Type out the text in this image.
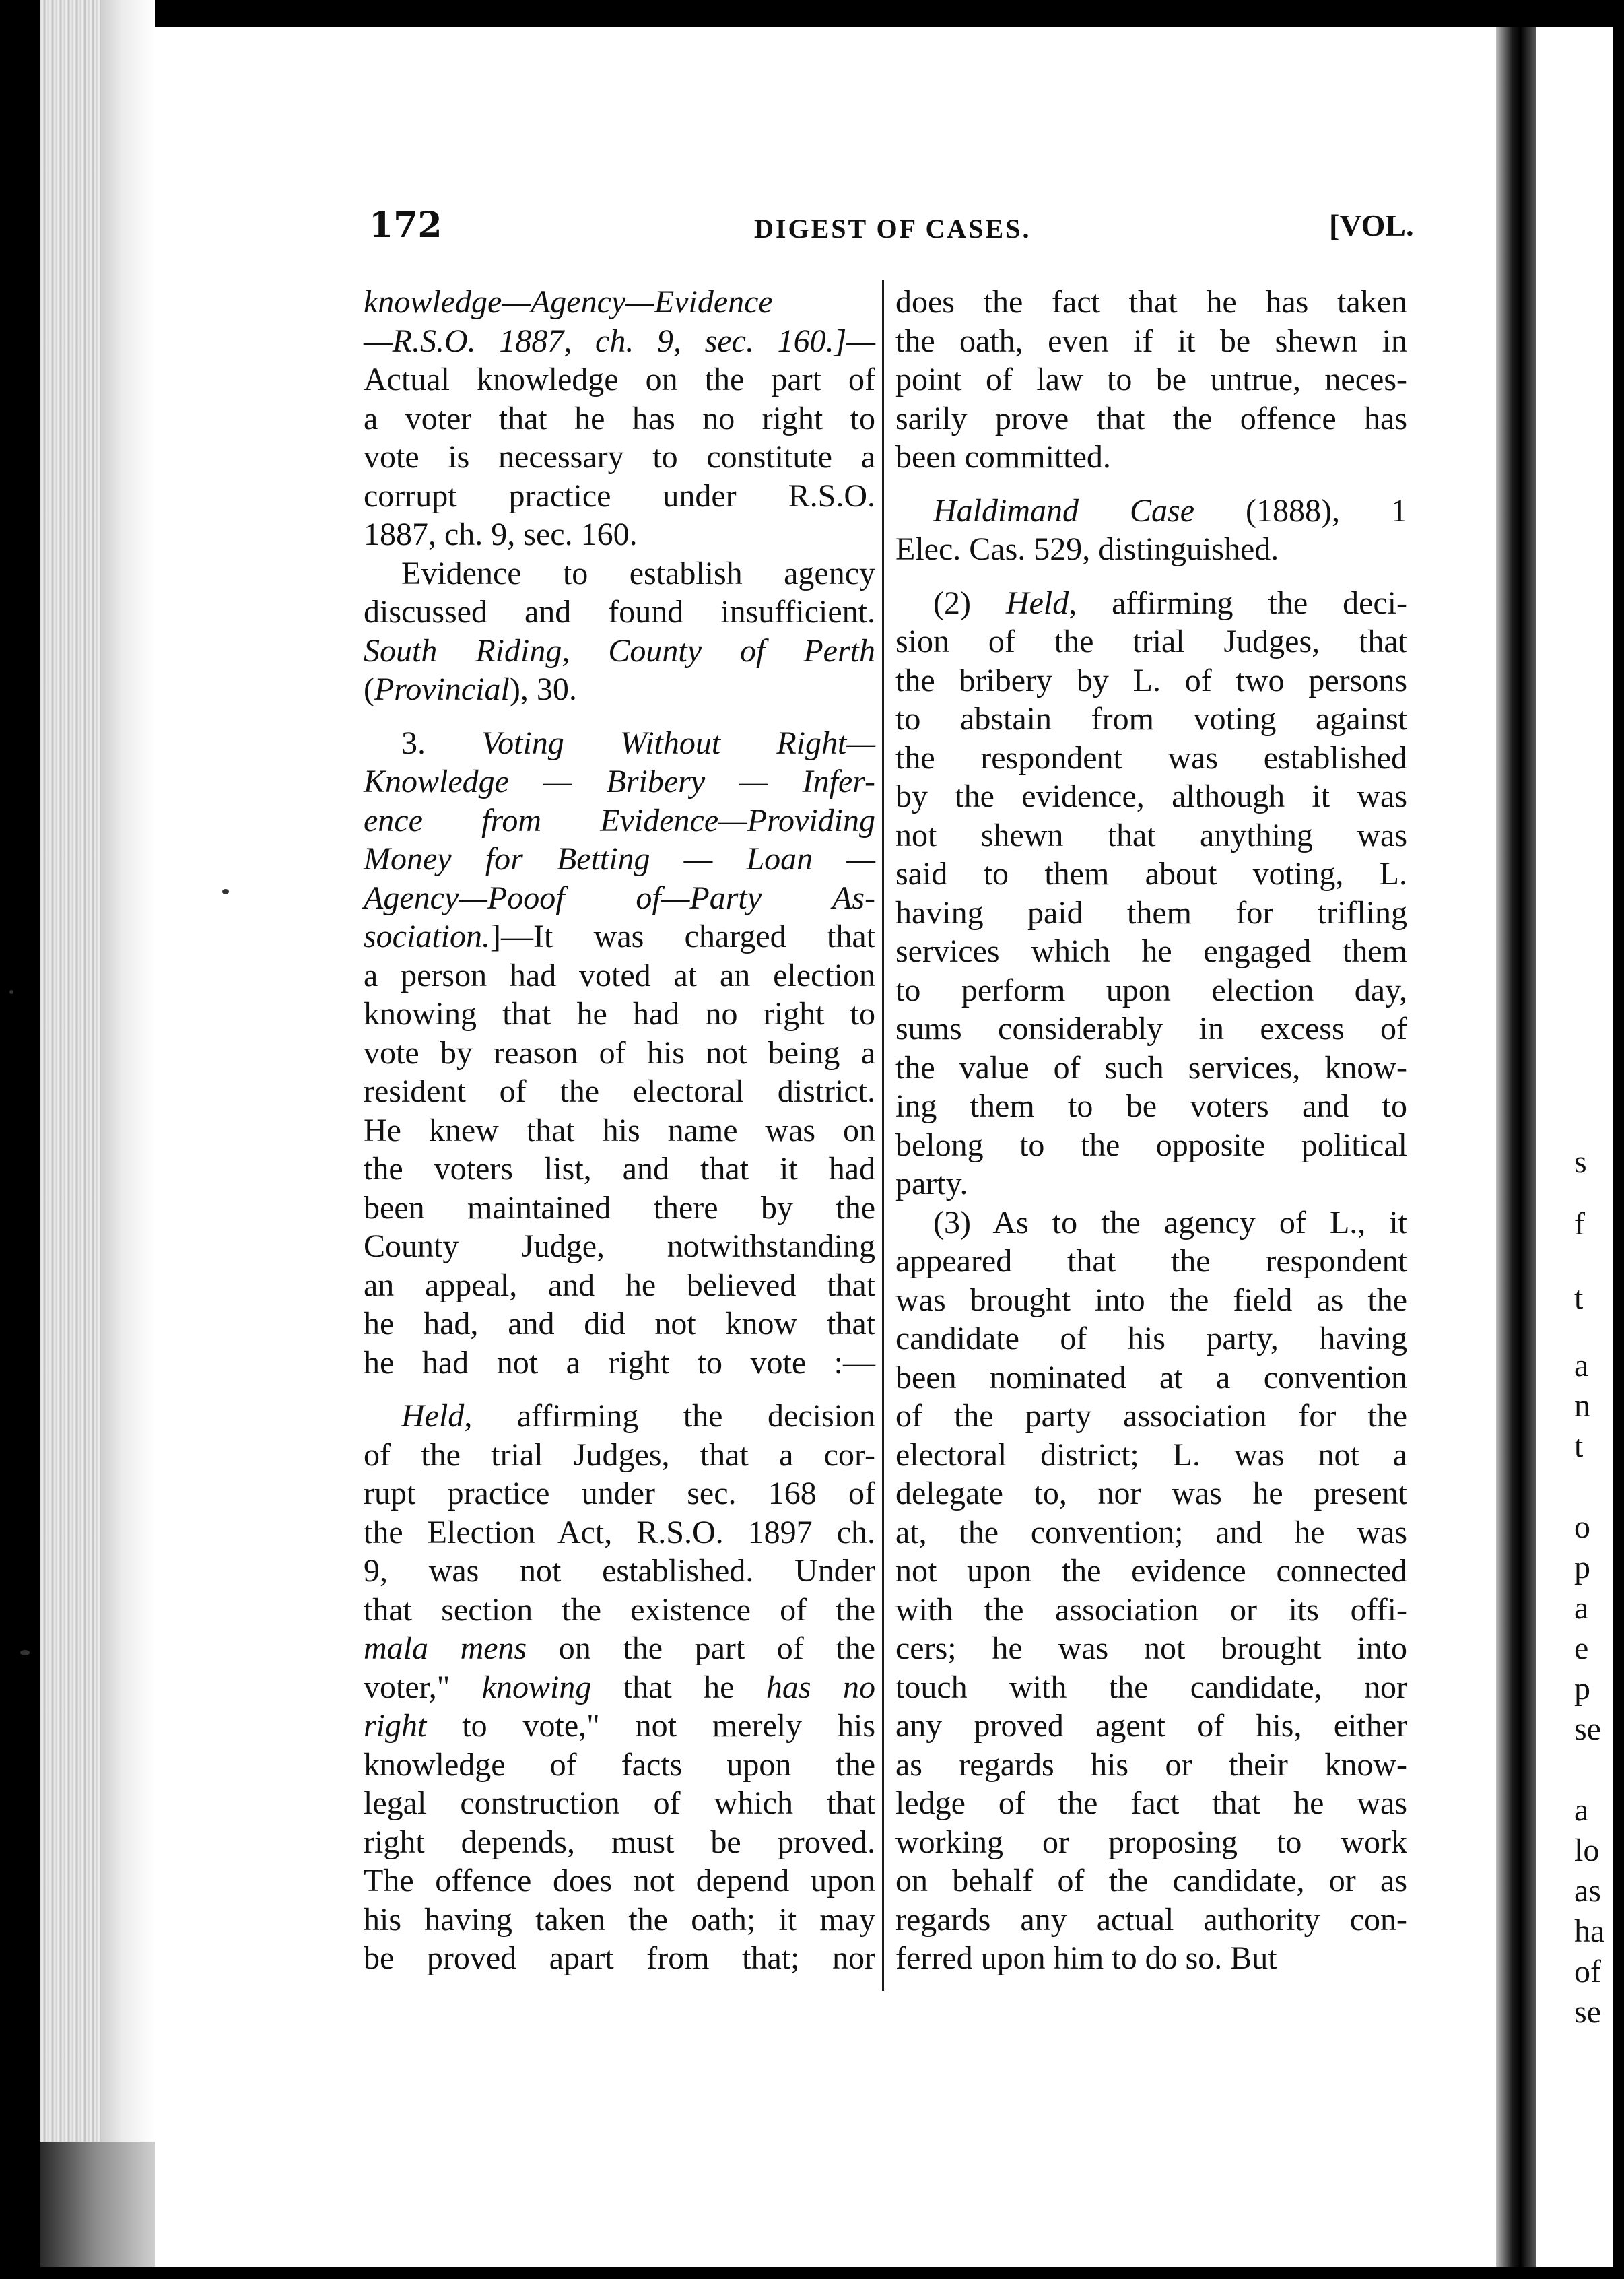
172	DIGEST OF CASES.	[VOL.
knowledge—Agency—Evidence
—R.S.O. 1887, ch. 9, sec. 160.]—
Actual knowledge on the part of
a voter that he has no right to
vote is necessary to constitute a
corrupt practice under R.S.O.
1887, ch. 9, sec. 160.
Evidence to establish agency
discussed and found insufficient.
South Riding, County of Perth
(Provincial), 30.
3. Voting Without Right—
Knowledge — Bribery — Infer-
ence from Evidence—Providing
Money for Betting — Loan —
Agency—Pooof of—Party As-
sociation.]—It was charged that
a person had voted at an election
knowing that he had no right to
vote by reason of his not being a
resident of the electoral district.
He knew that his name was on
the voters list, and that it had
been maintained there by the
County Judge, notwithstanding
an appeal, and he believed that
he had, and did not know that
he had not a right to vote :—
Held, affirming the decision
of the trial Judges, that a cor-
rupt practice under sec. 168 of
the Election Act, R.S.O. 1897 ch.
9, was not established. Under
that section the existence of the
mala mens on the part of the
voter," knowing that he has no
right to vote," not merely his
knowledge of facts upon the
legal construction of which that
right depends, must be proved.
The offence does not depend upon
his having taken the oath; it may
be proved apart from that; nor
does the fact that he has taken
the oath, even if it be shewn in
point of law to be untrue, neces-
sarily prove that the offence has
been committed.
Haldimand Case (1888), 1
Elec. Cas. 529, distinguished.
(2) Held, affirming the deci-
sion of the trial Judges, that
the bribery by L. of two persons
to abstain from voting against
the respondent was established
by the evidence, although it was
not shewn that anything was
said to them about voting, L.
having paid them for trifling
services which he engaged them
to perform upon election day,
sums considerably in excess of
the value of such services, know-
ing them to be voters and to
belong to the opposite political
party.
(3) As to the agency of L., it
appeared that the respondent
was brought into the field as the
candidate of his party, having
been nominated at a convention
of the party association for the
electoral district; L. was not a
delegate to, nor was he present
at, the convention; and he was
not upon the evidence connected
with the association or its offi-
cers; he was not brought into
touch with the candidate, nor
any proved agent of his, either
as regards his or their know-
ledge of the fact that he was
working or proposing to work
on behalf of the candidate, or as
regards any actual authority con-
ferred upon him to do so. But
s
f
t
a
n
t
o
p
a
e
p
se
a
lo
as
ha
of
se
